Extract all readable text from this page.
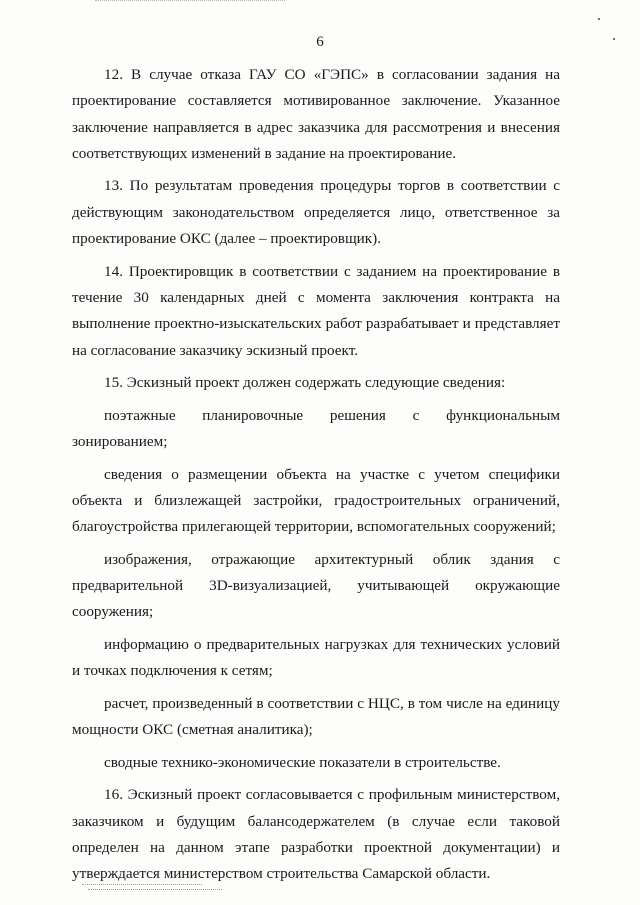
6

12. В случае отказа ГАУ СО «ГЭПС» в согласовании задания на проектирование составляется мотивированное заключение. Указанное заключение направляется в адрес заказчика для рассмотрения и внесения соответствующих изменений в задание на проектирование.

13. По результатам проведения процедуры торгов в соответствии с действующим законодательством определяется лицо, ответственное за проектирование ОКС (далее – проектировщик).

14. Проектировщик в соответствии с заданием на проектирование в течение 30 календарных дней с момента заключения контракта на выполнение проектно-изыскательских работ разрабатывает и представляет на согласование заказчику эскизный проект.

15. Эскизный проект должен содержать следующие сведения:

поэтажные планировочные решения с функциональным зонированием;

сведения о размещении объекта на участке с учетом специфики объекта и близлежащей застройки, градостроительных ограничений, благоустройства прилегающей территории, вспомогательных сооружений;

изображения, отражающие архитектурный облик здания с предварительной 3D-визуализацией, учитывающей окружающие сооружения;

информацию о предварительных нагрузках для технических условий и точках подключения к сетям;

расчет, произведенный в соответствии с НЦС, в том числе на единицу мощности ОКС (сметная аналитика);

сводные технико-экономические показатели в строительстве.

16. Эскизный проект согласовывается с профильным министерством, заказчиком и будущим балансодержателем (в случае если таковой определен на данном этапе разработки проектной документации) и утверждается министерством строительства Самарской области.
